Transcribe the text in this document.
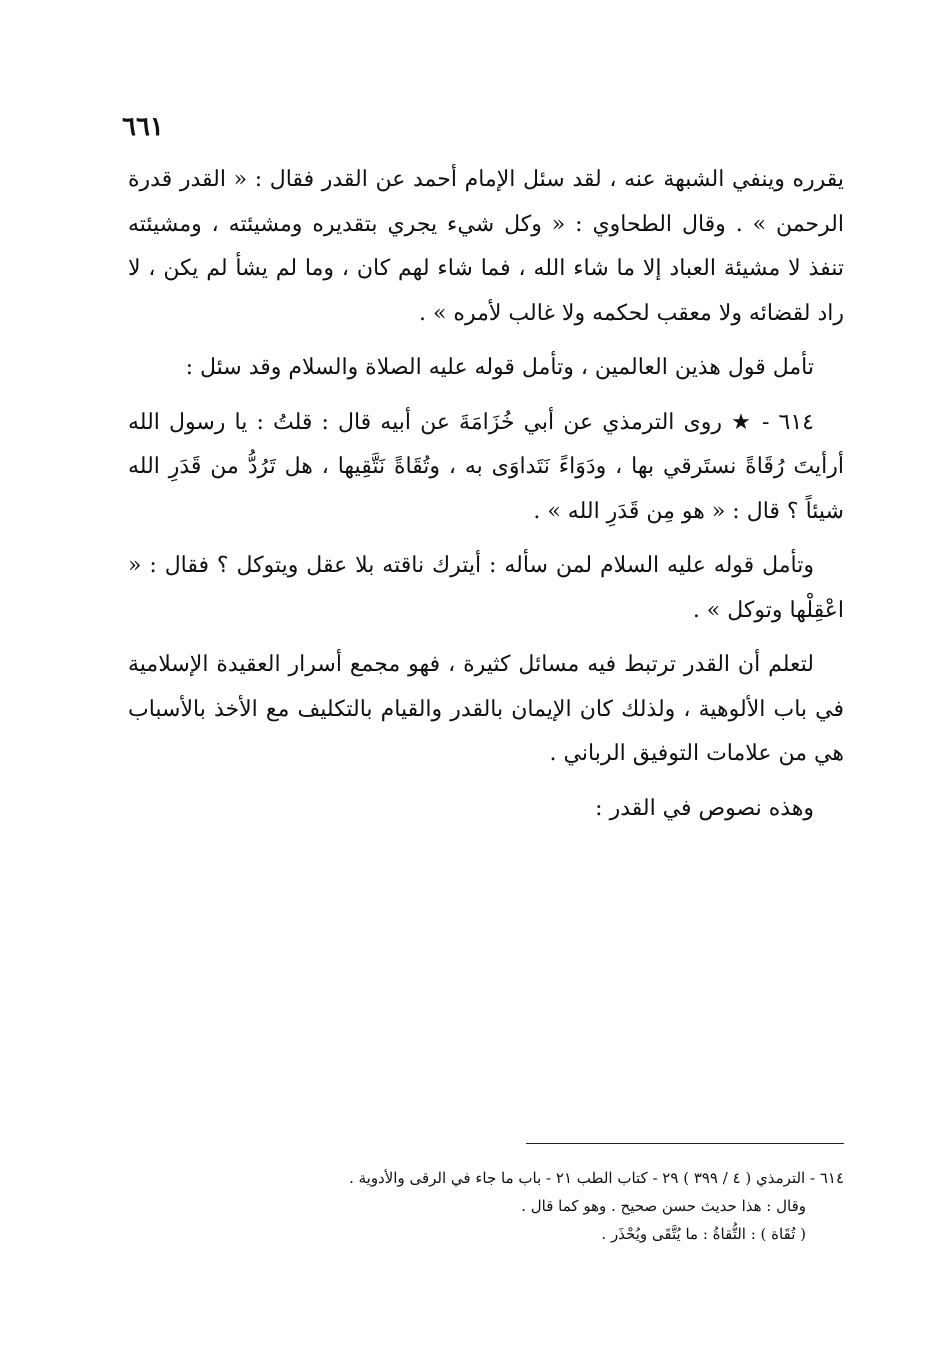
٦٦١

يقرره وينفي الشبهة عنه ، لقد سئل الإمام أحمد عن القدر فقال : « القدر قدرة الرحمن » . وقال الطحاوي : « وكل شيء يجري بتقديره ومشيئته ، ومشيئته تنفذ لا مشيئة العباد إلا ما شاء الله ، فما شاء لهم كان ، وما لم يشأ لم يكن ، لا راد لقضائه ولا معقب لحكمه ولا غالب لأمره » .

تأمل قول هذين العالمين ، وتأمل قوله عليه الصلاة والسلام وقد سئل :

٦١٤ - ★ روى الترمذي عن أبي خُزَامَةَ عن أبيه قال : قلتُ : يا رسول الله أرأيتَ رُقَاةً نستَرقي بها ، ودَوَاءً نَتَداوَى به ، وتُقَاةً نَتَّقِيها ، هل تَرُدُّ من قَدَرِ الله شيئاً ؟ قال : « هو مِن قَدَرِ الله » .

وتأمل قوله عليه السلام لمن سأله : أيترك ناقته بلا عقل ويتوكل ؟ فقال : « اعْقِلْها وتوكل » .

لتعلم أن القدر ترتبط فيه مسائل كثيرة ، فهو مجمع أسرار العقيدة الإسلامية في باب الألوهية ، ولذلك كان الإيمان بالقدر والقيام بالتكليف مع الأخذ بالأسباب هي من علامات التوفيق الرباني .

وهذه نصوص في القدر :

٦١٤ - الترمذي ( ٤ / ٣٩٩ ) ٢٩ - كتاب الطب ٢١ - باب ما جاء في الرقى والأدوية .

وقال : هذا حديث حسن صحيح . وهو كما قال .

( تُقَاة ) : التُّقاةُ : ما يُتَّقَى ويُحْذَر .
